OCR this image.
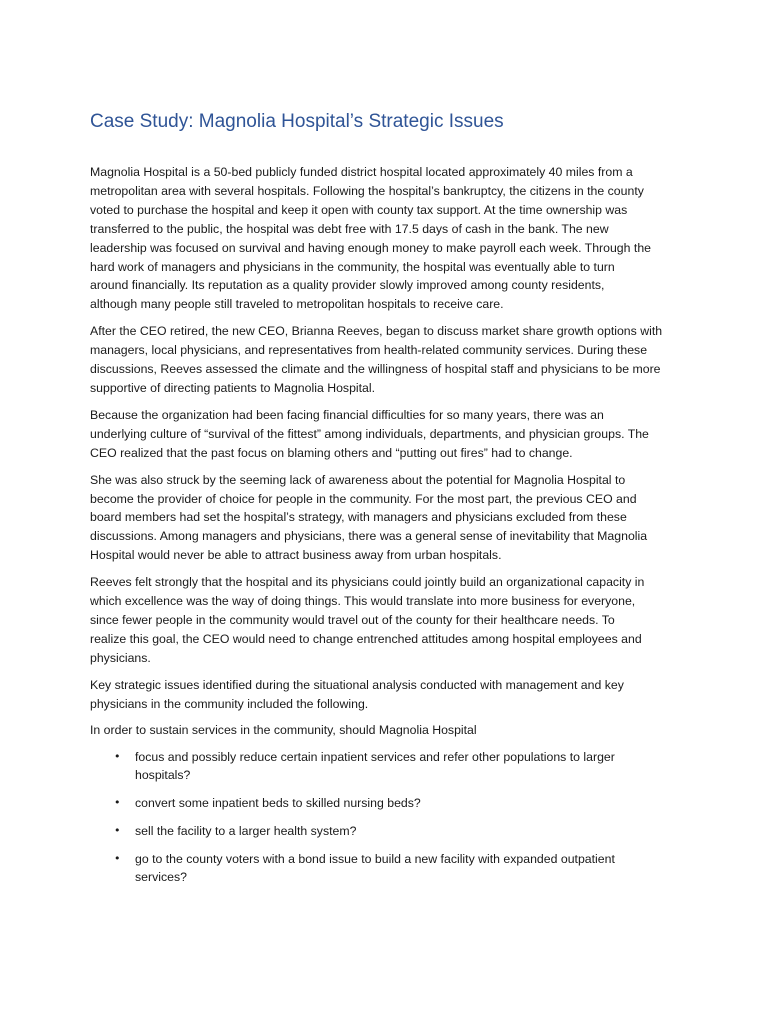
Case Study: Magnolia Hospital’s Strategic Issues

Magnolia Hospital is a 50-bed publicly funded district hospital located approximately 40 miles from a
metropolitan area with several hospitals. Following the hospital’s bankruptcy, the citizens in the county
voted to purchase the hospital and keep it open with county tax support. At the time ownership was
transferred to the public, the hospital was debt free with 17.5 days of cash in the bank. The new
leadership was focused on survival and having enough money to make payroll each week. Through the
hard work of managers and physicians in the community, the hospital was eventually able to turn
around financially. Its reputation as a quality provider slowly improved among county residents,
although many people still traveled to metropolitan hospitals to receive care.

After the CEO retired, the new CEO, Brianna Reeves, began to discuss market share growth options with
managers, local physicians, and representatives from health-related community services. During these
discussions, Reeves assessed the climate and the willingness of hospital staff and physicians to be more
supportive of directing patients to Magnolia Hospital.

Because the organization had been facing financial difficulties for so many years, there was an
underlying culture of “survival of the fittest” among individuals, departments, and physician groups. The
CEO realized that the past focus on blaming others and “putting out fires” had to change.

She was also struck by the seeming lack of awareness about the potential for Magnolia Hospital to
become the provider of choice for people in the community. For the most part, the previous CEO and
board members had set the hospital’s strategy, with managers and physicians excluded from these
discussions. Among managers and physicians, there was a general sense of inevitability that Magnolia
Hospital would never be able to attract business away from urban hospitals.

Reeves felt strongly that the hospital and its physicians could jointly build an organizational capacity in
which excellence was the way of doing things. This would translate into more business for everyone,
since fewer people in the community would travel out of the county for their healthcare needs. To
realize this goal, the CEO would need to change entrenched attitudes among hospital employees and
physicians.

Key strategic issues identified during the situational analysis conducted with management and key
physicians in the community included the following.

In order to sustain services in the community, should Magnolia Hospital

• focus and possibly reduce certain inpatient services and refer other populations to larger
hospitals?
• convert some inpatient beds to skilled nursing beds?
• sell the facility to a larger health system?
• go to the county voters with a bond issue to build a new facility with expanded outpatient
services?
